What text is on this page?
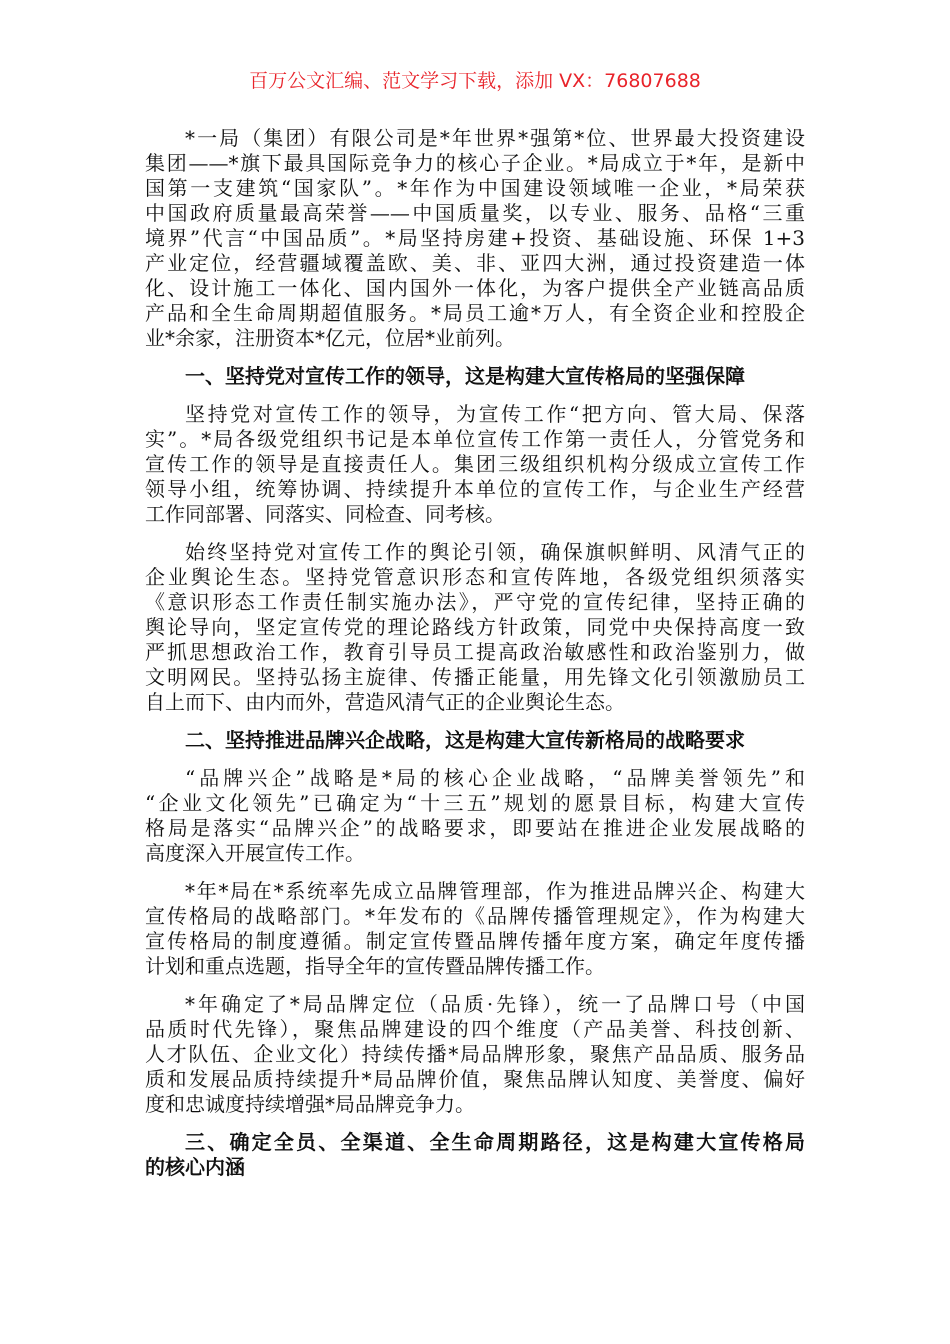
百万公文汇编、范文学习下载，添加 VX：76807688
*一局（集团）有限公司是*年世界*强第*位、世界最大投资建设
集团——*旗下最具国际竞争力的核心子企业。*局成立于*年，是新中
国第一支建筑“国家队”。*年作为中国建设领域唯一企业，*局荣获
中国政府质量最高荣誉——中国质量奖，以专业、服务、品格“三重
境界”代言“中国品质”。*局坚持房建+投资、基础设施、环保 1+3
产业定位，经营疆域覆盖欧、美、非、亚四大洲，通过投资建造一体
化、设计施工一体化、国内国外一体化，为客户提供全产业链高品质
产品和全生命周期超值服务。*局员工逾*万人，有全资企业和控股企
业*余家，注册资本*亿元，位居*业前列。
一、坚持党对宣传工作的领导，这是构建大宣传格局的坚强保障
坚持党对宣传工作的领导，为宣传工作“把方向、管大局、保落
实”。*局各级党组织书记是本单位宣传工作第一责任人，分管党务和
宣传工作的领导是直接责任人。集团三级组织机构分级成立宣传工作
领导小组，统筹协调、持续提升本单位的宣传工作，与企业生产经营
工作同部署、同落实、同检查、同考核。
始终坚持党对宣传工作的舆论引领，确保旗帜鲜明、风清气正的
企业舆论生态。坚持党管意识形态和宣传阵地，各级党组织须落实
《意识形态工作责任制实施办法》，严守党的宣传纪律，坚持正确的
舆论导向，坚定宣传党的理论路线方针政策，同党中央保持高度一致
严抓思想政治工作，教育引导员工提高政治敏感性和政治鉴别力，做
文明网民。坚持弘扬主旋律、传播正能量，用先锋文化引领激励员工
自上而下、由内而外，营造风清气正的企业舆论生态。
二、坚持推进品牌兴企战略，这是构建大宣传新格局的战略要求
“品牌兴企”战略是*局的核心企业战略，“品牌美誉领先”和
“企业文化领先”已确定为“十三五”规划的愿景目标，构建大宣传
格局是落实“品牌兴企”的战略要求，即要站在推进企业发展战略的
高度深入开展宣传工作。
*年*局在*系统率先成立品牌管理部，作为推进品牌兴企、构建大
宣传格局的战略部门。*年发布的《品牌传播管理规定》，作为构建大
宣传格局的制度遵循。制定宣传暨品牌传播年度方案，确定年度传播
计划和重点选题，指导全年的宣传暨品牌传播工作。
*年确定了*局品牌定位（品质·先锋），统一了品牌口号（中国
品质时代先锋），聚焦品牌建设的四个维度（产品美誉、科技创新、
人才队伍、企业文化）持续传播*局品牌形象，聚焦产品品质、服务品
质和发展品质持续提升*局品牌价值，聚焦品牌认知度、美誉度、偏好
度和忠诚度持续增强*局品牌竞争力。
三、确定全员、全渠道、全生命周期路径，这是构建大宣传格局
的核心内涵
